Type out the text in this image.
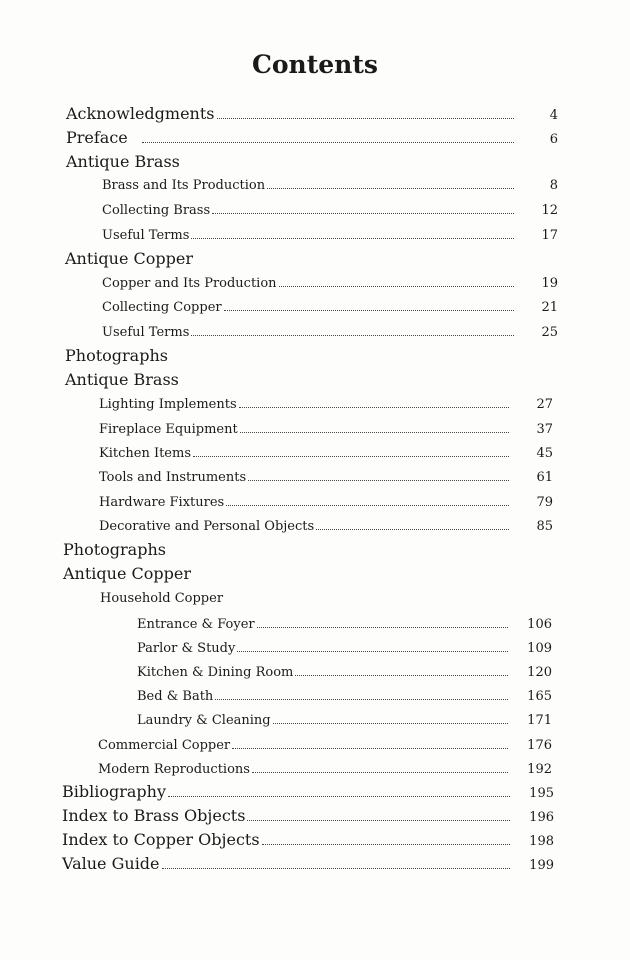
Contents
Acknowledgments	4
Preface	6
Antique Brass
Brass and Its Production	8
Collecting Brass	12
Useful Terms	17
Antique Copper
Copper and Its Production	19
Collecting Copper	21
Useful Terms	25
Photographs
Antique Brass
Lighting Implements	27
Fireplace Equipment	37
Kitchen Items	45
Tools and Instruments	61
Hardware Fixtures	79
Decorative and Personal Objects	85
Photographs
Antique Copper
Household Copper
Entrance & Foyer	106
Parlor & Study	109
Kitchen & Dining Room	120
Bed & Bath	165
Laundry & Cleaning	171
Commercial Copper	176
Modern Reproductions	192
Bibliography	195
Index to Brass Objects	196
Index to Copper Objects	198
Value Guide	199
